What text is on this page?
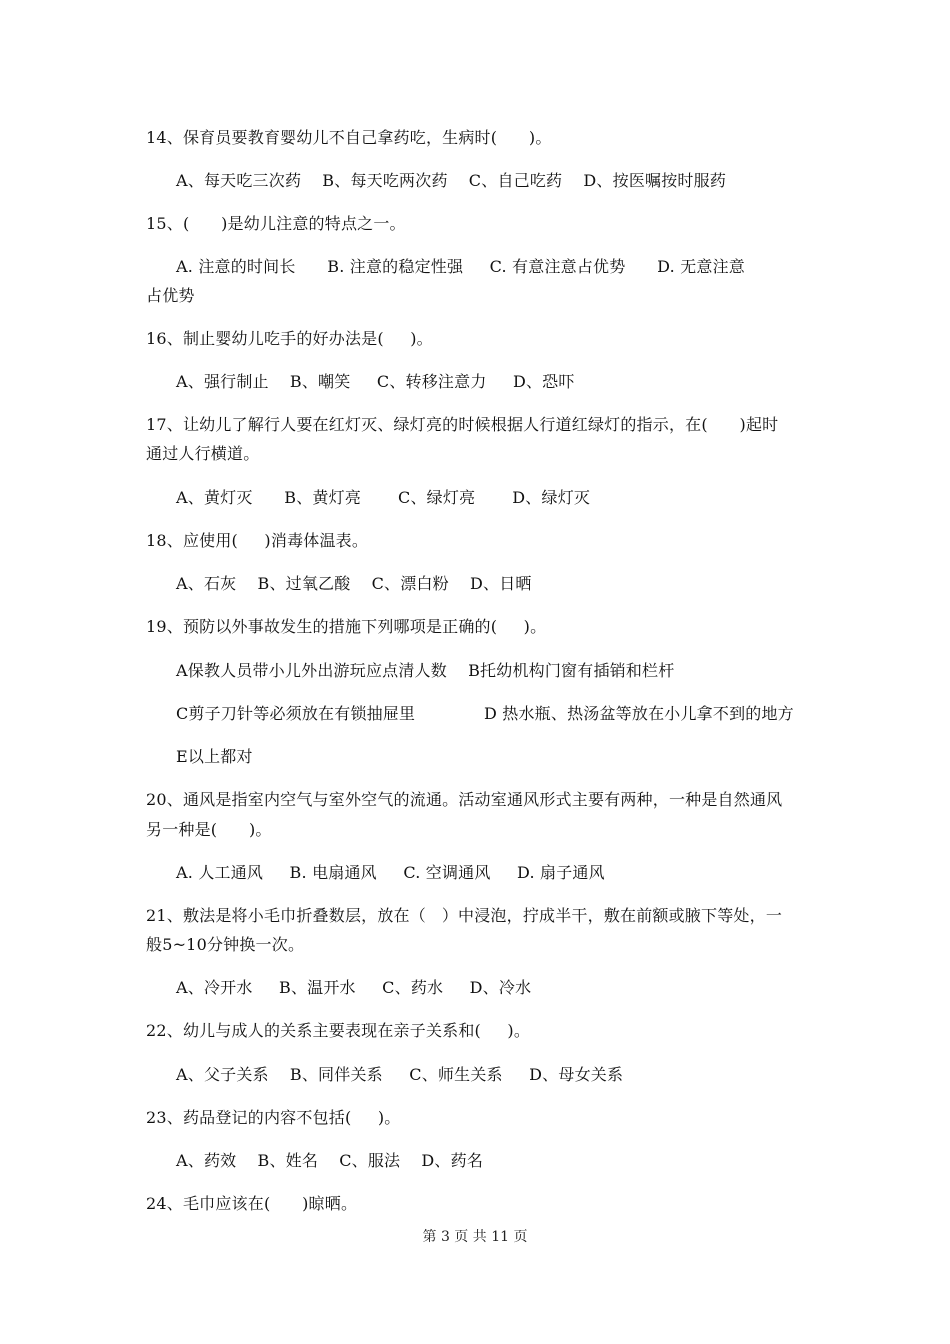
14、保育员要教育婴幼儿不自己拿药吃，生病时(      )。
A、每天吃三次药    B、每天吃两次药    C、自己吃药    D、按医嘱按时服药
15、(      )是幼儿注意的特点之一。
A. 注意的时间长      B. 注意的稳定性强     C. 有意注意占优势      D. 无意注意
占优势
16、制止婴幼儿吃手的好办法是(     )。
A、强行制止    B、嘲笑     C、转移注意力     D、恐吓
17、让幼儿了解行人要在红灯灭、绿灯亮的时候根据人行道红绿灯的指示，在(      )起时
通过人行横道。
A、黄灯灭      B、黄灯亮       C、绿灯亮       D、绿灯灭
18、应使用(     )消毒体温表。
A、石灰    B、过氧乙酸    C、漂白粉    D、日晒
19、预防以外事故发生的措施下列哪项是正确的(     )。
A保教人员带小儿外出游玩应点清人数    B托幼机构门窗有插销和栏杆
C剪子刀针等必须放在有锁抽屉里             D 热水瓶、热汤盆等放在小儿拿不到的地方
E以上都对
20、通风是指室内空气与室外空气的流通。活动室通风形式主要有两种，一种是自然通风
另一种是(      )。
A. 人工通风     B. 电扇通风     C. 空调通风     D. 扇子通风
21、敷法是将小毛巾折叠数层，放在（   ）中浸泡，拧成半干，敷在前额或腋下等处，一
般5~10分钟换一次。
A、冷开水     B、温开水     C、药水     D、冷水
22、幼儿与成人的关系主要表现在亲子关系和(     )。
A、父子关系    B、同伴关系     C、师生关系     D、母女关系
23、药品登记的内容不包括(     )。
A、药效    B、姓名    C、服法    D、药名
24、毛巾应该在(      )晾晒。
第 3 页 共 11 页
